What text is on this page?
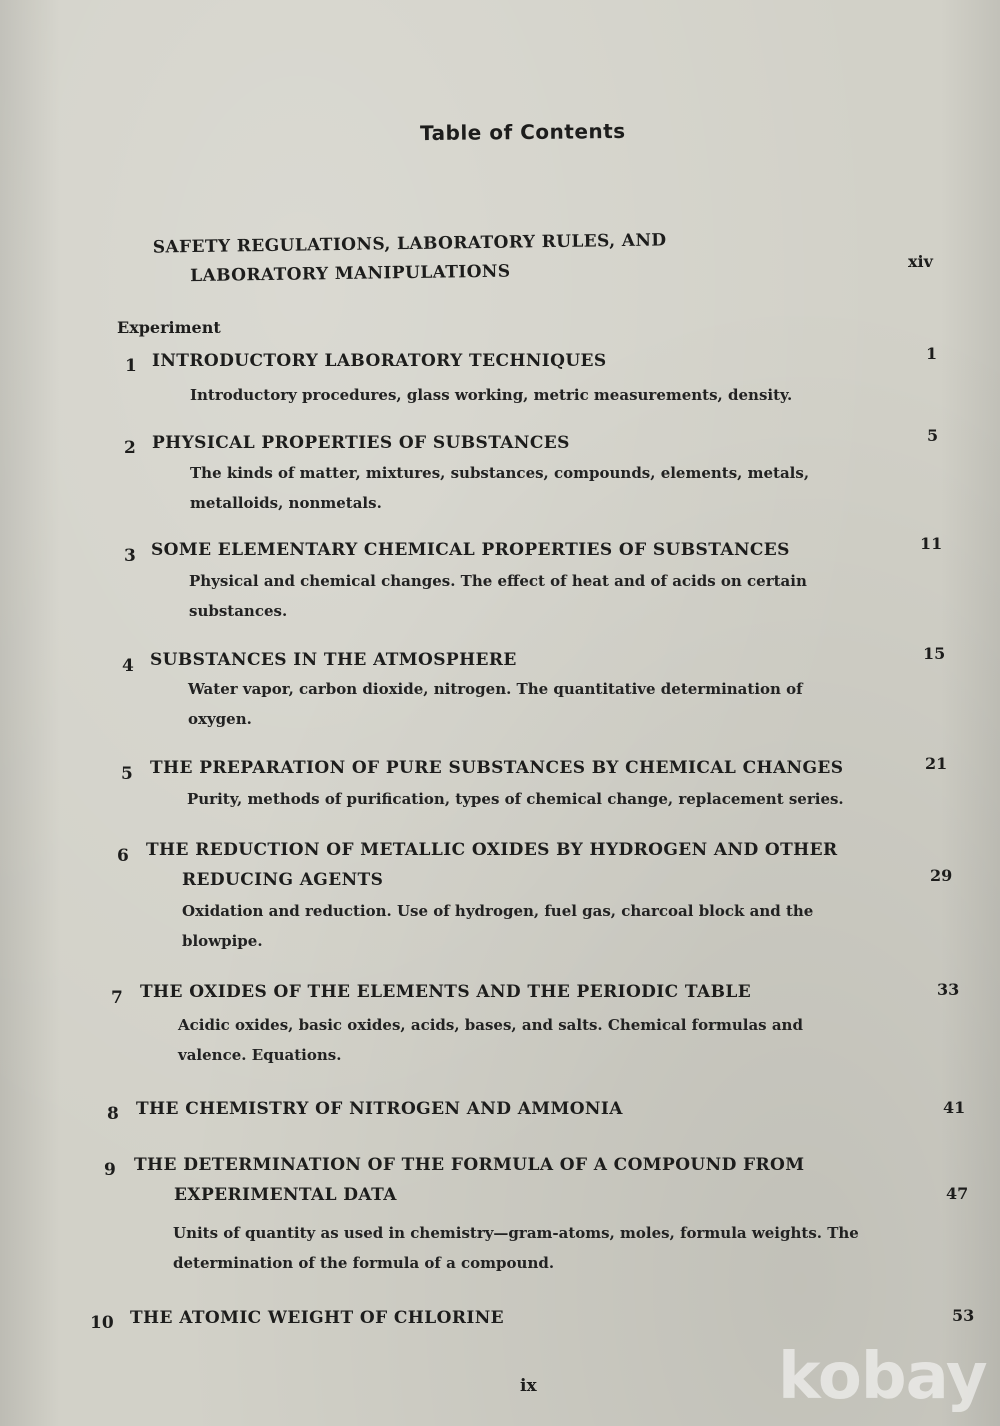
Table of Contents
SAFETY REGULATIONS, LABORATORY RULES, AND
LABORATORY MANIPULATIONS
xiv
Experiment
1 INTRODUCTORY LABORATORY TECHNIQUES	1
Introductory procedures, glass working, metric measurements, density.
2 PHYSICAL PROPERTIES OF SUBSTANCES	5
The kinds of matter, mixtures, substances, compounds, elements, metals, metalloids, nonmetals.
3 SOME ELEMENTARY CHEMICAL PROPERTIES OF SUBSTANCES	11
Physical and chemical changes. The effect of heat and of acids on certain substances.
4 SUBSTANCES IN THE ATMOSPHERE	15
Water vapor, carbon dioxide, nitrogen. The quantitative determination of oxygen.
5 THE PREPARATION OF PURE SUBSTANCES BY CHEMICAL CHANGES	21
Purity, methods of purification, types of chemical change, replacement series.
6 THE REDUCTION OF METALLIC OXIDES BY HYDROGEN AND OTHER
REDUCING AGENTS	29
Oxidation and reduction. Use of hydrogen, fuel gas, charcoal block and the blowpipe.
7 THE OXIDES OF THE ELEMENTS AND THE PERIODIC TABLE	33
Acidic oxides, basic oxides, acids, bases, and salts. Chemical formulas and valence. Equations.
8 THE CHEMISTRY OF NITROGEN AND AMMONIA	41
9 THE DETERMINATION OF THE FORMULA OF A COMPOUND FROM
EXPERIMENTAL DATA	47
Units of quantity as used in chemistry—gram-atoms, moles, formula weights. The determination of the formula of a compound.
10 THE ATOMIC WEIGHT OF CHLORINE	53
ix	kobay
